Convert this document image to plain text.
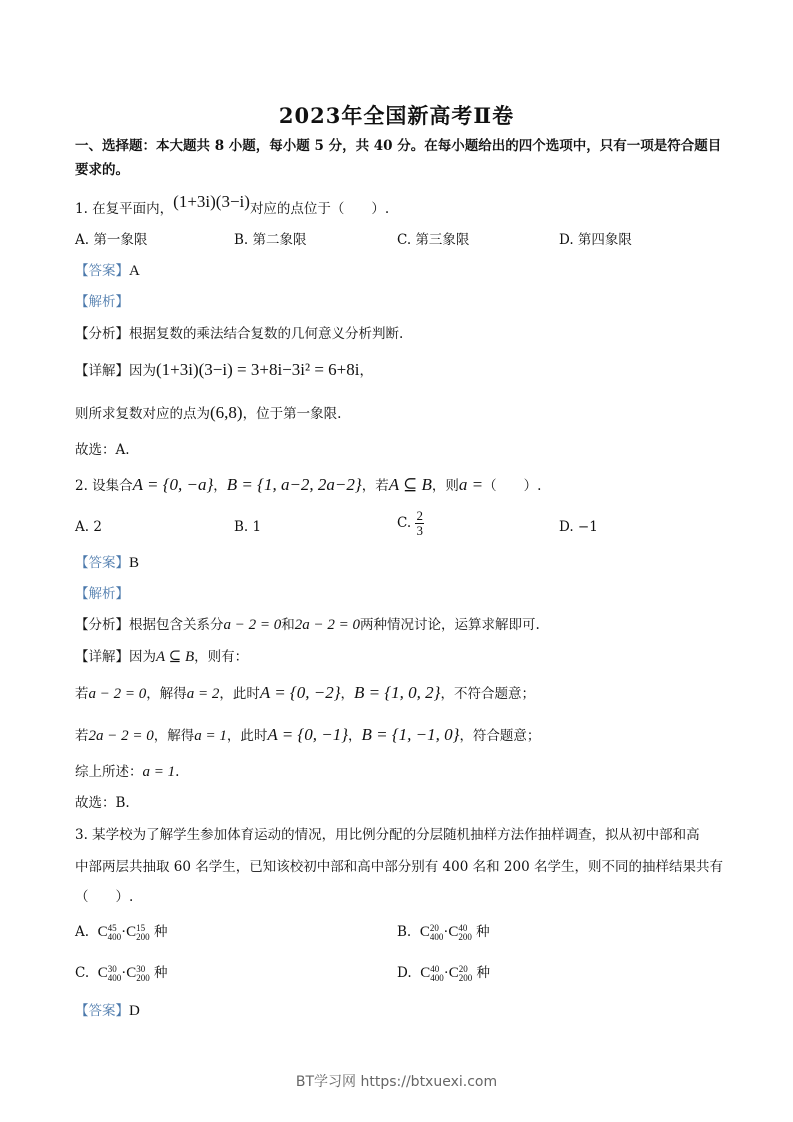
2023年全国新高考Ⅱ卷
一、选择题：本大题共 8 小题，每小题 5 分，共 40 分。在每小题给出的四个选项中，只有一项是符合题目要求的。
1. 在复平面内，(1+3i)(3−i)对应的点位于（　　）.
A. 第一象限	B. 第二象限	C. 第三象限	D. 第四象限
【答案】A
【解析】
【分析】根据复数的乘法结合复数的几何意义分析判断.
【详解】因为(1+3i)(3−i) = 3+8i−3i² = 6+8i，
则所求复数对应的点为(6,8)，位于第一象限.
故选：A.
2. 设集合A = {0, −a}，B = {1, a−2, 2a−2}，若A ⊆ B，则a =（　　）.
A. 2	B. 1	C. $\frac{2}{3}$	D. −1
【答案】B
【解析】
【分析】根据包含关系分a − 2 = 0和2a − 2 = 0两种情况讨论，运算求解即可.
【详解】因为A ⊆ B，则有：
若a − 2 = 0，解得a = 2，此时A = {0, −2}，B = {1, 0, 2}，不符合题意；
若2a − 2 = 0，解得a = 1，此时A = {0, −1}，B = {1, −1, 0}，符合题意；
综上所述：a = 1.
故选：B.
3. 某学校为了解学生参加体育运动的情况，用比例分配的分层随机抽样方法作抽样调查，拟从初中部和高
中部两层共抽取 60 名学生，已知该校初中部和高中部分别有 400 名和 200 名学生，则不同的抽样结果共有
（　　）.
A. C 45
400 ·C 15
200 种	B. C 20
400 ·C 40
200 种
C. C 30
400 ·C 30
200 种	D. C 40
400 ·C 20
200 种
【答案】D
BT学习网 https://btxuexi.com
